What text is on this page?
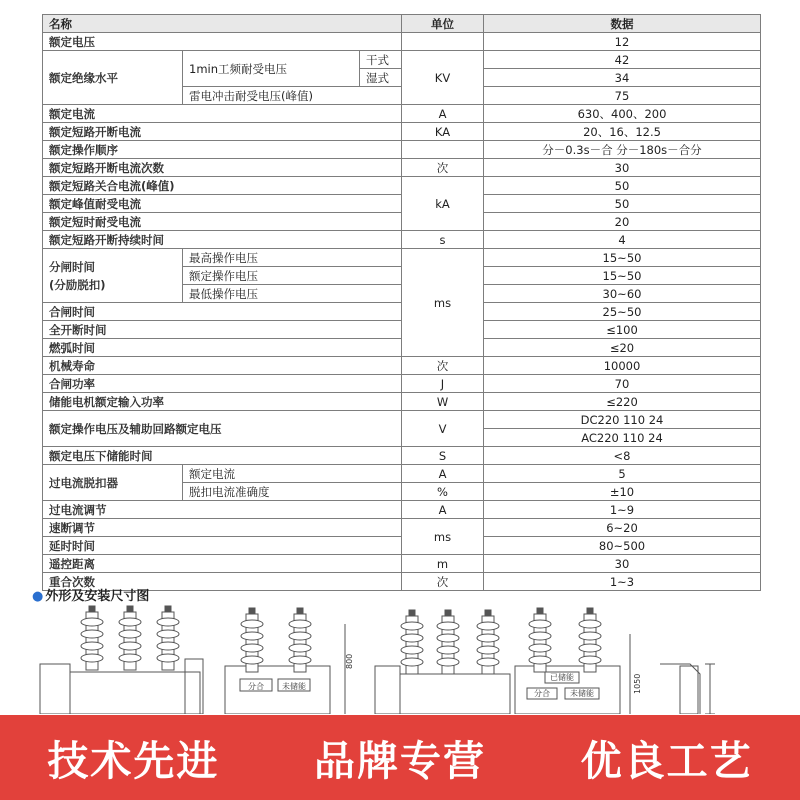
名称			单位	数据
额定电压				12
额定绝缘水平	1min工频耐受电压	干式	KV	42
		湿式		34
	雷电冲击耐受电压(峰值)			75
额定电流			A	630、400、200
额定短路开断电流			KA	20、16、12.5
额定操作顺序				分－0.3s－合 分－180s－合分
额定短路开断电流次数			次	30
额定短路关合电流(峰值)			kA	50
额定峰值耐受电流				50
额定短时耐受电流				20
额定短路开断持续时间			s	4

分闸时间
(分励脱扣)	最高操作电压		ms	15~50
	额定操作电压			15~50
	最低操作电压			30~60
合闸时间				25~50
全开断时间				≤100
燃弧时间				≤20
机械寿命			次	10000
合闸功率			J	70
储能电机额定输入功率			W	≤220
额定操作电压及辅助回路额定电压			V	DC220 110 24
				AC220 110 24
额定电压下储能时间			S	<8
过电流脱扣器	额定电流		A	5
	脱扣电流准确度		%	±10
过电流调节			A	1~9
速断调节			ms	6~20
延时时间				80~500
遥控距离			m	30
重合次数			次	1~3
● 外形及安装尺寸图
分合 未储能
800
已储能
分合	未储能	1050
技术先进 品牌专营 优良工艺
